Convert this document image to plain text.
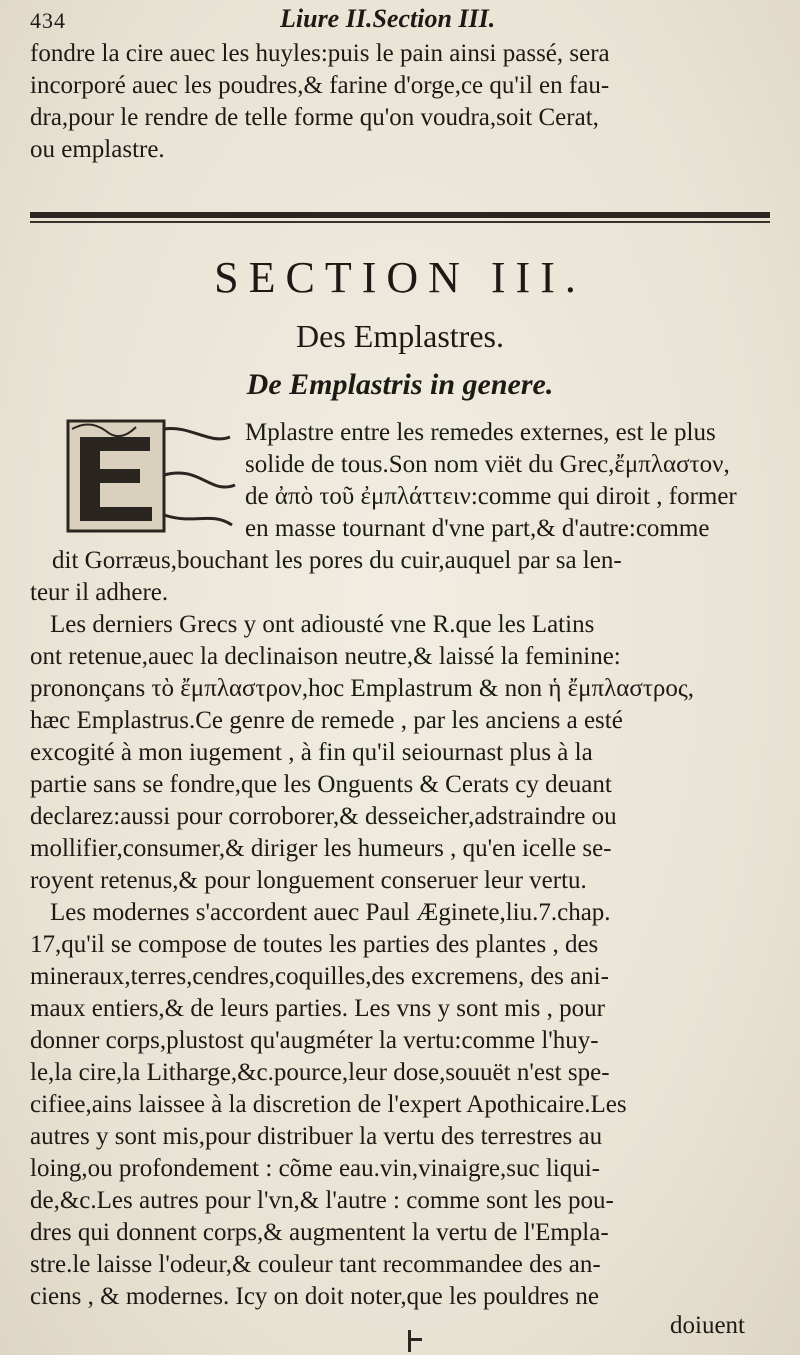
434	Liure II.Section III.
fondre la cire auec les huyles:puis le pain ainsi passé, sera
incorporé auec les poudres,& farine d'orge,ce qu'il en fau-
dra,pour le rendre de telle forme qu'on voudra,soit Cerat,
ou emplastre.
SECTION III.
Des Emplastres.
De Emplastris in genere.
Mplastre entre les remedes externes, est le plus
solide de tous.Son nom viët du Grec,ἔμπλαστον,
de ἀπὸ τοῦ ἐμπλάττειν:comme qui diroit , former
en masse tournant d'vne part,& d'autre:comme
dit Gorræus,bouchant les pores du cuir,auquel par sa len-
teur il adhere.
Les derniers Grecs y ont adiousté vne R.que les Latins
ont retenue,auec la declinaison neutre,& laissé la feminine:
prononçans τὸ ἔμπλαστρον,hoc Emplastrum & non ἡ ἔμπλαστρος,
hæc Emplastrus.Ce genre de remede , par les anciens a esté
excogité à mon iugement , à fin qu'il seiournast plus à la
partie sans se fondre,que les Onguents & Cerats cy deuant
declarez:aussi pour corroborer,& desseicher,adstraindre ou
mollifier,consumer,& diriger les humeurs , qu'en icelle se-
royent retenus,& pour longuement conseruer leur vertu.
Les modernes s'accordent auec Paul Æginete,liu.7.chap.
17,qu'il se compose de toutes les parties des plantes , des
mineraux,terres,cendres,coquilles,des excremens, des ani-
maux entiers,& de leurs parties. Les vns y sont mis , pour
donner corps,plustost qu'augméter la vertu:comme l'huy-
le,la cire,la Litharge,&c.pource,leur dose,souuët n'est spe-
cifiee,ains laissee à la discretion de l'expert Apothicaire.Les
autres y sont mis,pour distribuer la vertu des terrestres au
loing,ou profondement : cõme eau.vin,vinaigre,suc liqui-
de,&c.Les autres pour l'vn,& l'autre : comme sont les pou-
dres qui donnent corps,& augmentent la vertu de l'Empla-
stre.le laisse l'odeur,& couleur tant recommandee des an-
ciens , & modernes. Icy on doit noter,que les pouldres ne
doiuent
